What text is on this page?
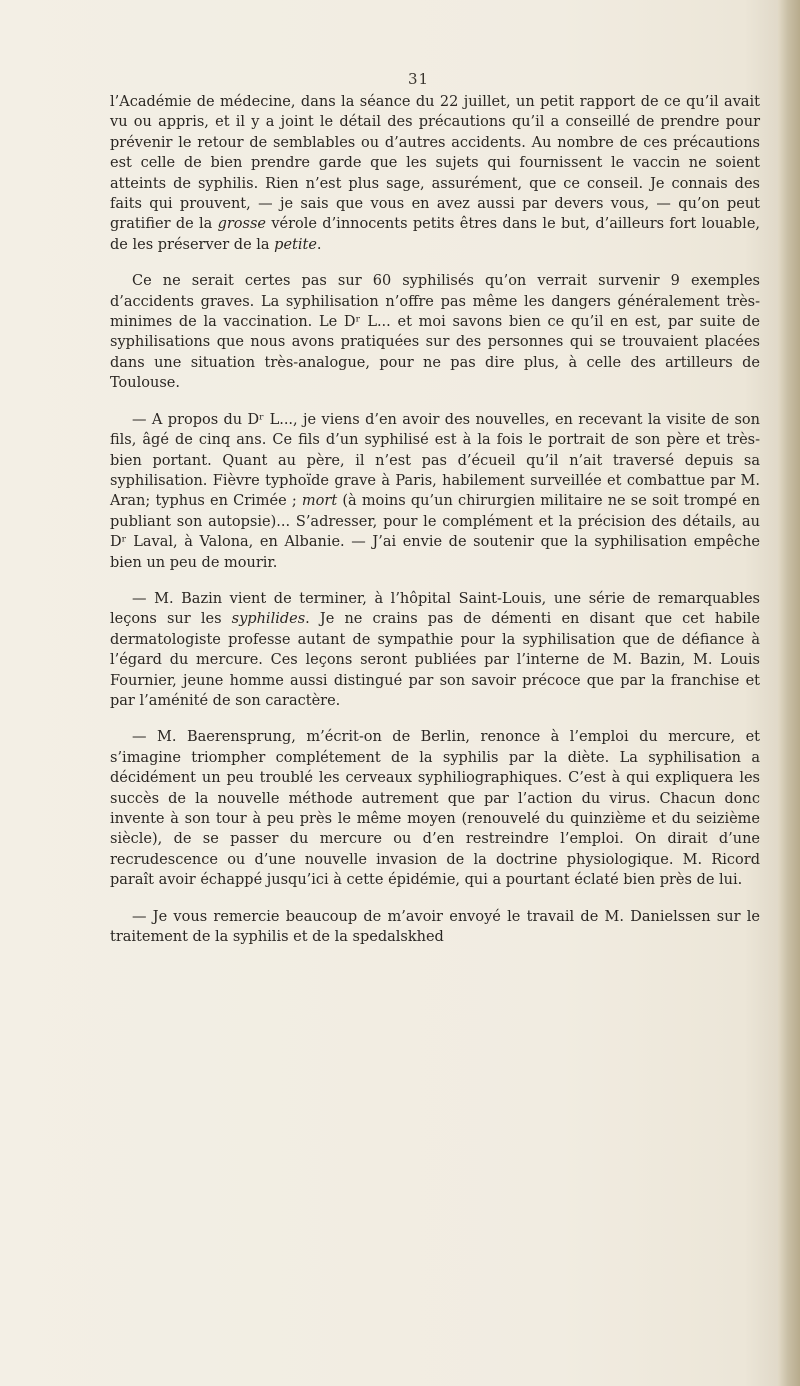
31

l’Académie de médecine, dans la séance du 22 juillet, un petit rapport de ce qu’il avait vu ou appris, et il y a joint le détail des précautions qu’il a conseillé de prendre pour prévenir le retour de semblables ou d’autres accidents. Au nombre de ces précautions est celle de bien prendre garde que les sujets qui fournissent le vaccin ne soient atteints de syphilis. Rien n’est plus sage, assurément, que ce conseil. Je connais des faits qui prouvent, — je sais que vous en avez aussi par devers vous, — qu’on peut gratifier de la grosse vérole d’innocents petits êtres dans le but, d’ailleurs fort louable, de les préserver de la petite.

Ce ne serait certes pas sur 60 syphilisés qu’on verrait survenir 9 exemples d’accidents graves. La syphilisation n’offre pas même les dangers généralement très-minimes de la vaccination. Le Dʳ L... et moi savons bien ce qu’il en est, par suite de syphilisations que nous avons pratiquées sur des personnes qui se trouvaient placées dans une situation très-analogue, pour ne pas dire plus, à celle des artilleurs de Toulouse.

— A propos du Dʳ L..., je viens d’en avoir des nouvelles, en recevant la visite de son fils, âgé de cinq ans. Ce fils d’un syphilisé est à la fois le portrait de son père et très-bien portant. Quant au père, il n’est pas d’écueil qu’il n’ait traversé depuis sa syphilisation. Fièvre typhoïde grave à Paris, habilement surveillée et combattue par M. Aran; typhus en Crimée ; mort (à moins qu’un chirurgien militaire ne se soit trompé en publiant son autopsie)... S’adresser, pour le complément et la précision des détails, au Dʳ Laval, à Valona, en Albanie. — J’ai envie de soutenir que la syphilisation empêche bien un peu de mourir.

— M. Bazin vient de terminer, à l’hôpital Saint-Louis, une série de remarquables leçons sur les syphilides. Je ne crains pas de démenti en disant que cet habile dermatologiste professe autant de sympathie pour la syphilisation que de défiance à l’égard du mercure. Ces leçons seront publiées par l’interne de M. Bazin, M. Louis Fournier, jeune homme aussi distingué par son savoir précoce que par la franchise et par l’aménité de son caractère.

— M. Baerensprung, m’écrit-on de Berlin, renonce à l’emploi du mercure, et s’imagine triompher complétement de la syphilis par la diète. La syphilisation a décidément un peu troublé les cerveaux syphiliographiques. C’est à qui expliquera les succès de la nouvelle méthode autrement que par l’action du virus. Chacun donc invente à son tour à peu près le même moyen (renouvelé du quinzième et du seizième siècle), de se passer du mercure ou d’en restreindre l’emploi. On dirait d’une recrudescence ou d’une nouvelle invasion de la doctrine physiologique. M. Ricord paraît avoir échappé jusqu’ici à cette épidémie, qui a pourtant éclaté bien près de lui.

— Je vous remercie beaucoup de m’avoir envoyé le travail de M. Danielssen sur le traitement de la syphilis et de la spedalskhed
